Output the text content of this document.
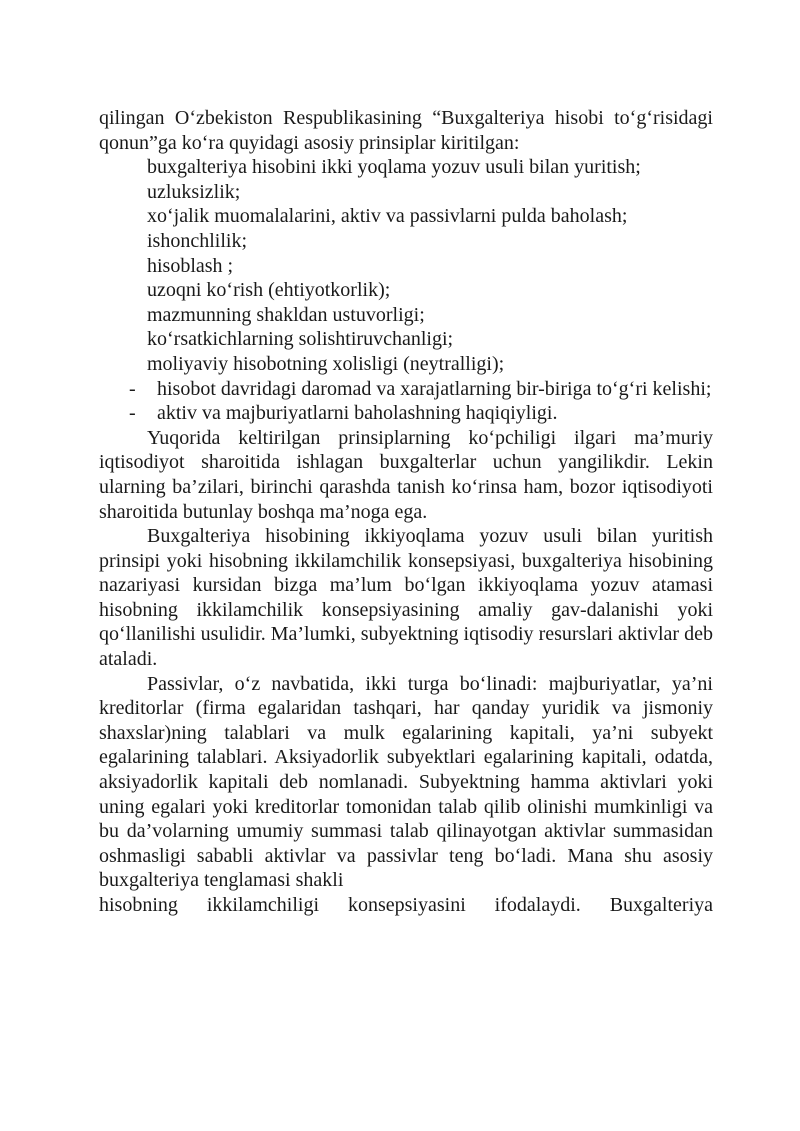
qilingan O‘zbekiston Respublikasining “Buxgalteriya hisobi to‘g‘risidagi qonun”ga ko‘ra quyidagi asosiy prinsiplar kiritilgan:

buxgalteriya hisobini ikki yoqlama yozuv usuli bilan yuritish;

uzluksizlik;

xo‘jalik muomalalarini, aktiv va passivlarni pulda baholash;

ishonchlilik;

hisoblash ;

uzoqni ko‘rish (ehtiyotkorlik);

mazmunning shakldan ustuvorligi;

ko‘rsatkichlarning solishtiruvchanligi;

moliyaviy hisobotning xolisligi (neytralligi);

- hisobot davridagi daromad va xarajatlarning bir-biriga to‘g‘ri kelishi;

- aktiv va majburiyatlarni baholashning haqiqiyligi.

Yuqorida keltirilgan prinsiplarning ko‘pchiligi ilgari ma’muriy iqtisodiyot sharoitida ishlagan buxgalterlar uchun yangilikdir. Lekin ularning ba’zilari, birinchi qarashda tanish ko‘rinsa ham, bozor iqtisodiyoti sharoitida butunlay boshqa ma’noga ega.

Buxgalteriya hisobining ikkiyoqlama yozuv usuli bilan yuritish prinsipi yoki hisobning ikkilamchilik konsepsiyasi, buxgalteriya hisobining nazariyasi kursidan bizga ma’lum bo‘lgan ikkiyoqlama yozuv atamasi hisobning ikkilamchilik konsepsiyasining amaliy gav-dalanishi yoki qo‘llanilishi usulidir. Ma’lumki, subyektning iqtisodiy resurslari aktivlar deb ataladi.

Passivlar, o‘z navbatida, ikki turga bo‘linadi: majburiyatlar, ya’ni kreditorlar (firma egalaridan tashqari, har qanday yuridik va jismoniy shaxslar)ning talablari va mulk egalarining kapitali, ya’ni subyekt egalarining talablari. Aksiyadorlik subyektlari egalarining kapitali, odatda, aksiyadorlik kapitali deb nomlanadi. Subyektning hamma aktivlari yoki uning egalari yoki kreditorlar tomonidan talab qilib olinishi mumkinligi va bu da’volarning umumiy summasi talab qilinayotgan aktivlar summasidan oshmasligi sababli aktivlar va passivlar teng bo‘ladi. Mana shu asosiy buxgalteriya tenglamasi shakli

hisobning ikkilamchiligi konsepsiyasini ifodalaydi. Buxgalteriya
